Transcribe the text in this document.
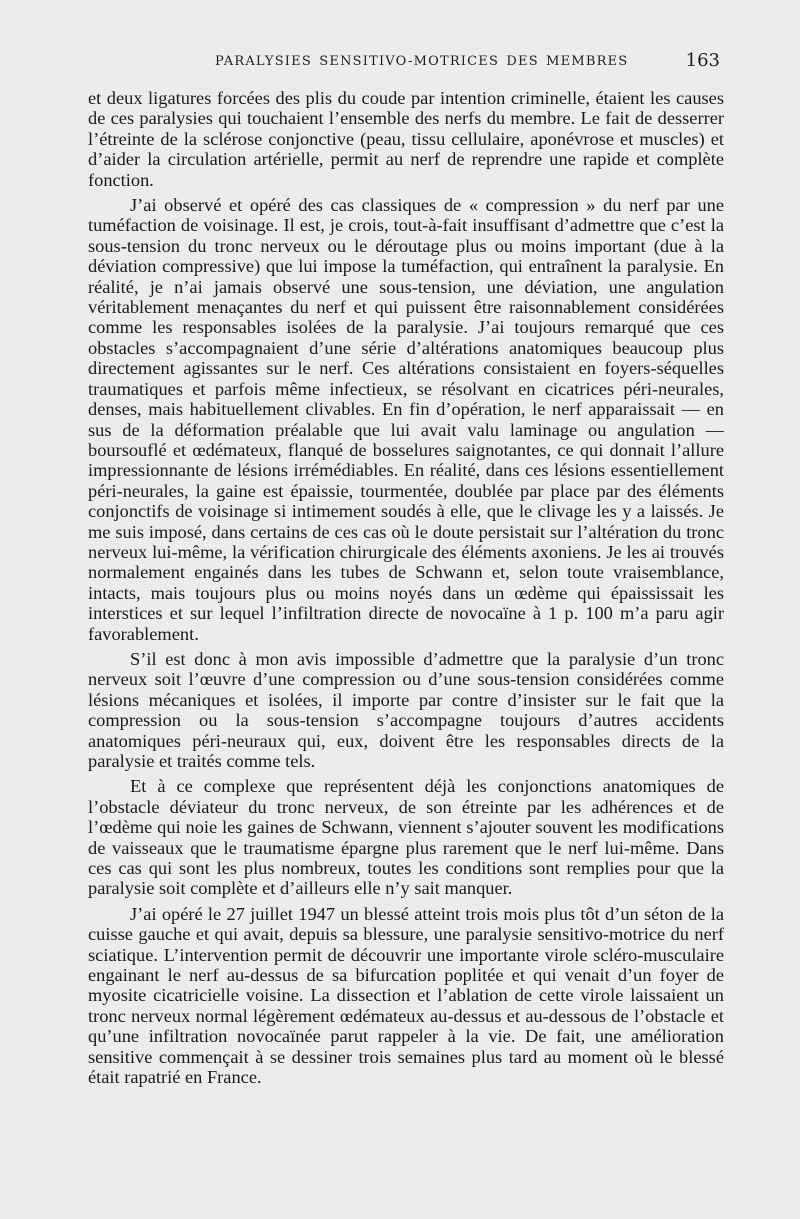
PARALYSIES SENSITIVO-MOTRICES DES MEMBRES	163

et deux ligatures forcées des plis du coude par intention criminelle, étaient les causes de ces paralysies qui touchaient l’ensemble des nerfs du membre. Le fait de desserrer l’étreinte de la sclérose conjonctive (peau, tissu cellulaire, aponévrose et muscles) et d’aider la circulation artérielle, permit au nerf de reprendre une rapide et complète fonction.

J’ai observé et opéré des cas classiques de « compression » du nerf par une tuméfaction de voisinage. Il est, je crois, tout-à-fait insuffisant d’admettre que c’est la sous-tension du tronc nerveux ou le déroutage plus ou moins important (due à la déviation compressive) que lui impose la tuméfaction, qui entraînent la paralysie. En réalité, je n’ai jamais observé une sous-tension, une déviation, une angulation véritablement menaçantes du nerf et qui puissent être raisonnablement considérées comme les responsables isolées de la paralysie. J’ai toujours remarqué que ces obstacles s’accompagnaient d’une série d’altérations anatomiques beaucoup plus directement agissantes sur le nerf. Ces altérations consistaient en foyers-séquelles traumatiques et parfois même infectieux, se résolvant en cicatrices péri-neurales, denses, mais habituellement clivables. En fin d’opération, le nerf apparaissait — en sus de la déformation préalable que lui avait valu laminage ou angulation — boursouflé et œdémateux, flanqué de bosselures saignotantes, ce qui donnait l’allure impressionnante de lésions irrémédiables. En réalité, dans ces lésions essentiellement péri-neurales, la gaine est épaissie, tourmentée, doublée par place par des éléments conjonctifs de voisinage si intimement soudés à elle, que le clivage les y a laissés. Je me suis imposé, dans certains de ces cas où le doute persistait sur l’altération du tronc nerveux lui-même, la vérification chirurgicale des éléments axoniens. Je les ai trouvés normalement engainés dans les tubes de Schwann et, selon toute vraisemblance, intacts, mais toujours plus ou moins noyés dans un œdème qui épaississait les interstices et sur lequel l’infiltration directe de novocaïne à 1 p. 100 m’a paru agir favorablement.

S’il est donc à mon avis impossible d’admettre que la paralysie d’un tronc nerveux soit l’œuvre d’une compression ou d’une sous-tension considérées comme lésions mécaniques et isolées, il importe par contre d’insister sur le fait que la compression ou la sous-tension s’accompagne toujours d’autres accidents anatomiques péri-neuraux qui, eux, doivent être les responsables directs de la paralysie et traités comme tels.

Et à ce complexe que représentent déjà les conjonctions anatomiques de l’obstacle déviateur du tronc nerveux, de son étreinte par les adhérences et de l’œdème qui noie les gaines de Schwann, viennent s’ajouter souvent les modifications de vaisseaux que le traumatisme épargne plus rarement que le nerf lui-même. Dans ces cas qui sont les plus nombreux, toutes les conditions sont remplies pour que la paralysie soit complète et d’ailleurs elle n’y sait manquer.

J’ai opéré le 27 juillet 1947 un blessé atteint trois mois plus tôt d’un séton de la cuisse gauche et qui avait, depuis sa blessure, une paralysie sensitivo-motrice du nerf sciatique. L’intervention permit de découvrir une importante virole scléro-musculaire engainant le nerf au-dessus de sa bifurcation poplitée et qui venait d’un foyer de myosite cicatricielle voisine. La dissection et l’ablation de cette virole laissaient un tronc nerveux normal légèrement œdémateux au-dessus et au-dessous de l’obstacle et qu’une infiltration novocaïnée parut rappeler à la vie. De fait, une amélioration sensitive commençait à se dessiner trois semaines plus tard au moment où le blessé était rapatrié en France.
